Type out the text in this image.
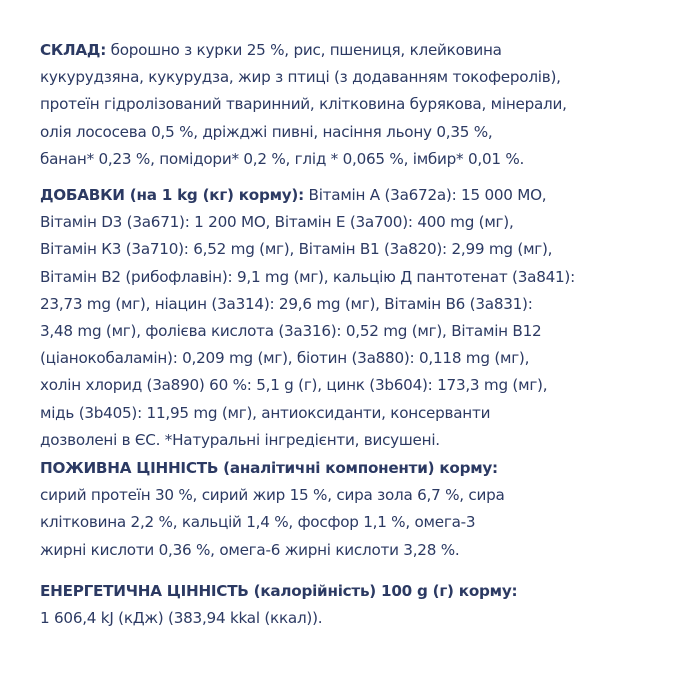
СКЛАД: борошно з курки 25 %, рис, пшениця, клейковина
кукурудзяна, кукурудза, жир з птиці (з додаванням токоферолів),
протеїн гідролізований тваринний, клітковина бурякова, мінерали,
олія лососева 0,5 %, дріжджі пивні, насіння льону 0,35 %,
банан* 0,23 %, помідори* 0,2 %, глід * 0,065 %, імбир* 0,01 %.
ДОБАВКИ (на 1 kg (кг) корму): Вітамін А (3a672a): 15 000 МО,
Вітамін D3 (3a671): 1 200 МО, Вітамін Е (3a700): 400 mg (мг),
Вітамін К3 (3a710): 6,52 mg (мг), Вітамін В1 (3a820): 2,99 mg (мг),
Вітамін В2 (рибофлавін): 9,1 mg (мг), кальцію Д пантотенат (3a841):
23,73 mg (мг), ніацин (3a314): 29,6 mg (мг), Вітамін В6 (3a831):
3,48 mg (мг), фолієва кислота (3a316): 0,52 mg (мг), Вітамін В12
(ціанокобаламін): 0,209 mg (мг), біотин (3a880): 0,118 mg (мг),
холін хлорид (3a890) 60 %: 5,1 g (г), цинк (3b604): 173,3 mg (мг),
мідь (3b405): 11,95 mg (мг), антиоксиданти, консерванти
дозволені в ЄС. *Натуральні інгредієнти, висушені.
ПОЖИВНА ЦІННІСТЬ (аналітичні компоненти) корму:
сирий протеїн 30 %, сирий жир 15 %, сира зола 6,7 %, сира
клітковина 2,2 %, кальцій 1,4 %, фосфор 1,1 %, омега-3
жирні кислоти 0,36 %, омега-6 жирні кислоти 3,28 %.
ЕНЕРГЕТИЧНА ЦІННІСТЬ (калорійність) 100 g (г) корму:
1 606,4 kJ (кДж) (383,94 kkal (ккал)).
